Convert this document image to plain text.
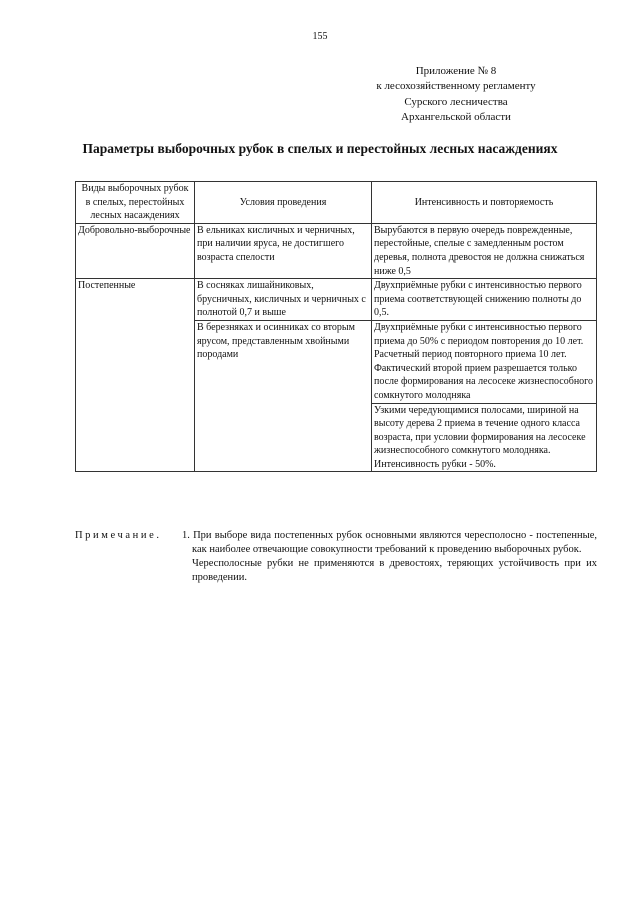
155
Приложение № 8
к лесохозяйственному регламенту
Сурского лесничества
Архангельской области
Параметры выборочных рубок в спелых и перестойных лесных насаждениях
Виды выборочных рубок в спелых, перестойных лесных насаждениях	Условия проведения	Интенсивность и повторяемость
Добровольно-выборочные	В ельниках кисличных и черничных, при наличии яруса, не достигшего возраста спелости	Вырубаются в первую очередь поврежденные, перестойные, спелые с замедленным ростом деревья, полнота древостоя не должна снижаться ниже 0,5
Постепенные	В сосняках лишайниковых, брусничных, кисличных и черничных с полнотой 0,7 и выше	Двухприёмные рубки с интенсивностью первого приема соответствующей снижению полноты до 0,5.
	В березняках и осинниках со вторым ярусом, представленным хвойными породами	Двухприёмные рубки с интенсивностью первого приема до 50% с периодом повторения до 10 лет. Расчетный период повторного приема 10 лет. Фактический второй прием разрешается только после формирования на лесосеке жизнеспособного сомкнутого молодняка
		Узкими чередующимися полосами, шириной на высоту дерева 2 приема в течение одного класса возраста, при условии формирования на лесосеке жизнеспособного сомкнутого молодняка. Интенсивность рубки - 50%.
Примечание.	1. При выборе вида постепенных рубок основными являются чересполосно - постепенные, как наиболее отвечающие совокупности требований к проведению выборочных рубок.

Чересполосные рубки не применяются в древостоях, теряющих устойчивость при их проведении.
